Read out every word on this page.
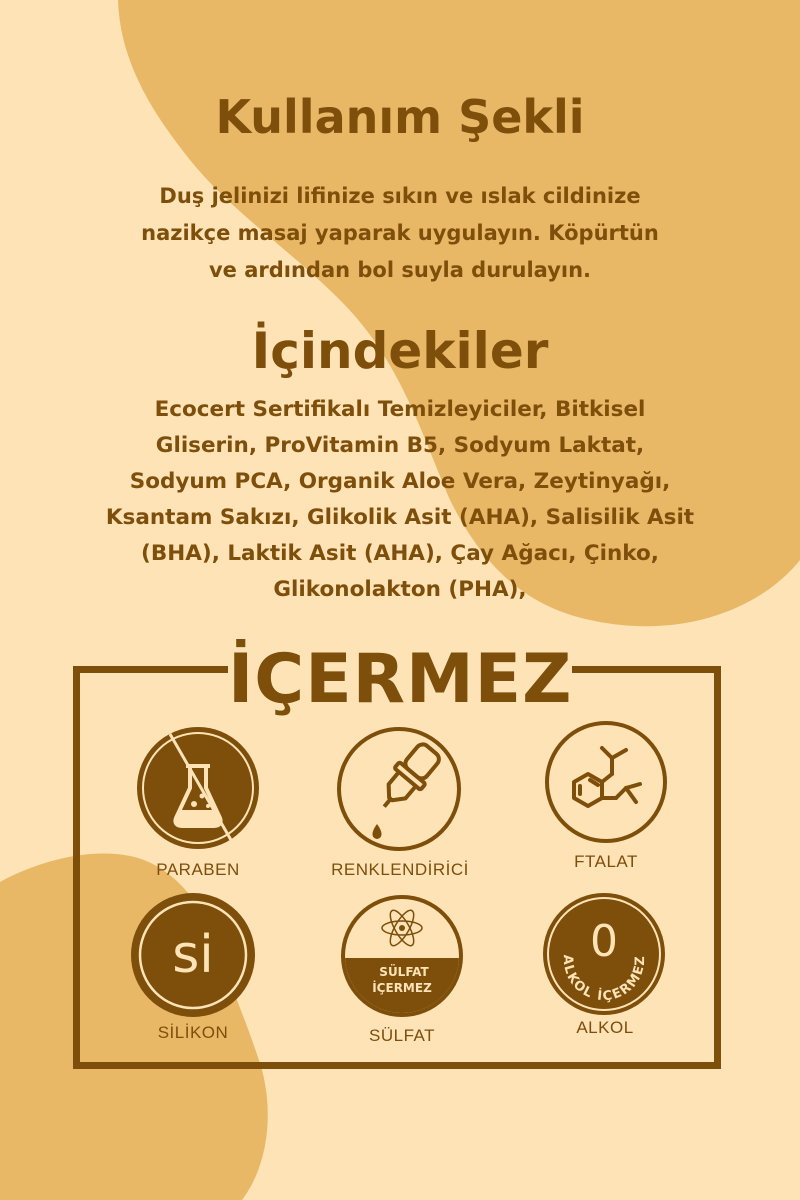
Kullanım Şekli

Duş jelinizi lifinize sıkın ve ıslak cildinize
nazikçe masaj yaparak uygulayın. Köpürtün
ve ardından bol suyla durulayın.

İçindekiler

Ecocert Sertifikalı Temizleyiciler, Bitkisel
Gliserin, ProVitamin B5, Sodyum Laktat,
Sodyum PCA, Organik Aloe Vera, Zeytinyağı,
Ksantam Sakızı, Glikolik Asit (AHA), Salisilik Asit
(BHA), Laktik Asit (AHA), Çay Ağacı, Çinko,
Glikonolakton (PHA),

İÇERMEZ
PARABEN	RENKLENDİRİCİ	FTALAT
si
SİLİKON
SÜLFAT
İÇERMEZ
SÜLFAT
0
ALKOL İÇERMEZ
ALKOL
